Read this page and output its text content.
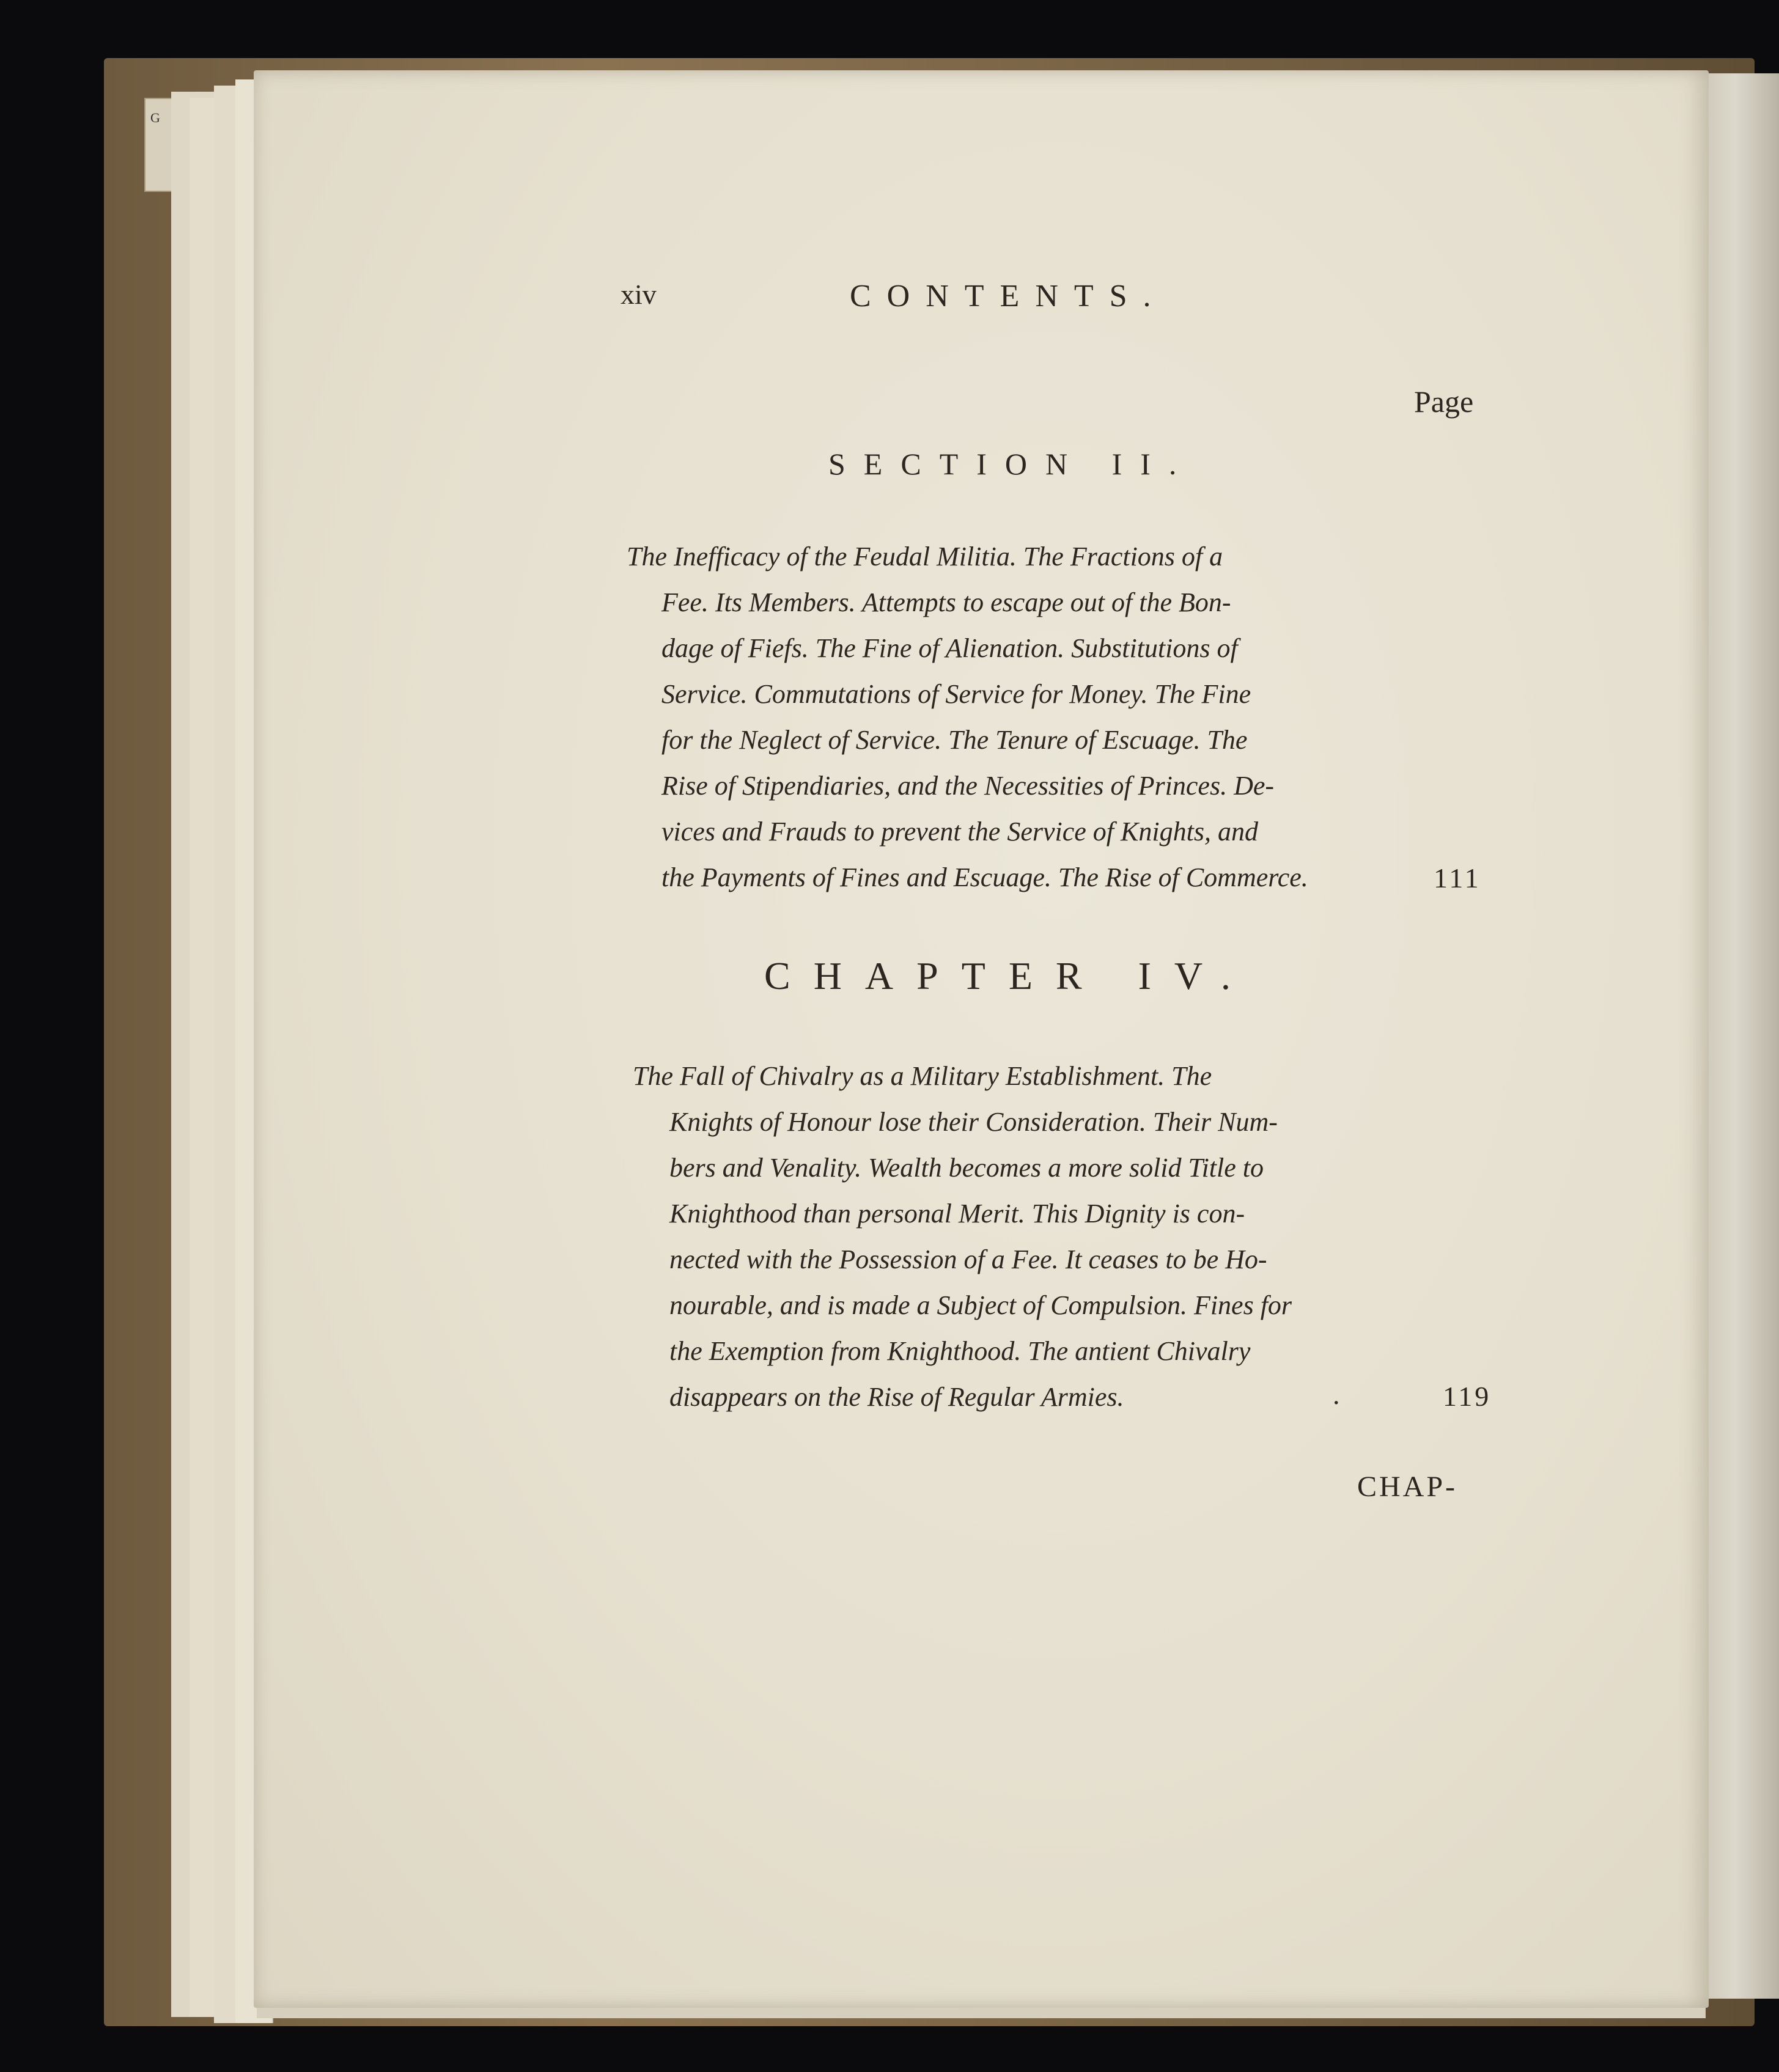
G
xiv	CONTENTS.
Page
SECTION II.
The Inefficacy of the Feudal Militia. The Fractions of a
Fee. Its Members. Attempts to escape out of the Bon-
dage of Fiefs. The Fine of Alienation. Substitutions of
Service. Commutations of Service for Money. The Fine
for the Neglect of Service. The Tenure of Escuage. The
Rise of Stipendiaries, and the Necessities of Princes. De-
vices and Frauds to prevent the Service of Knights, and
the Payments of Fines and Escuage. The Rise of Commerce.	111
CHAPTER IV.
The Fall of Chivalry as a Military Establishment. The
Knights of Honour lose their Consideration. Their Num-
bers and Venality. Wealth becomes a more solid Title to
Knighthood than personal Merit. This Dignity is con-
nected with the Possession of a Fee. It ceases to be Ho-
nourable, and is made a Subject of Compulsion. Fines for
the Exemption from Knighthood. The antient Chivalry
disappears on the Rise of Regular Armies.	.	119
CHAP-
